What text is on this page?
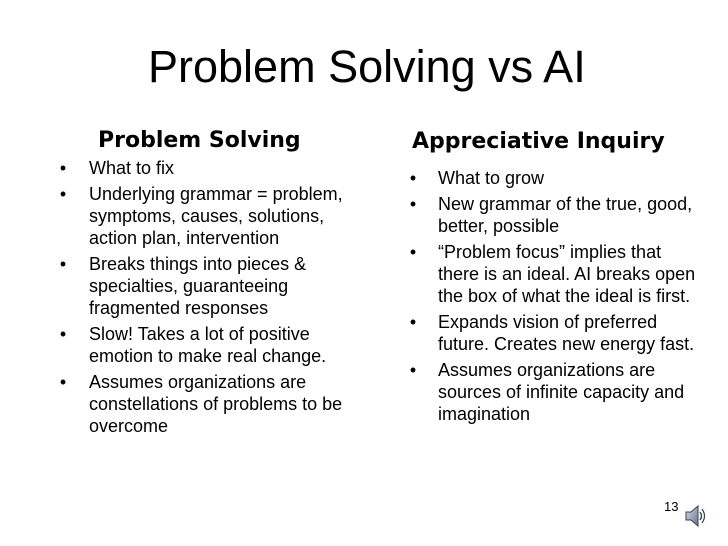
Problem Solving vs AI
Problem Solving	Appreciative Inquiry
• What to fix
• Underlying grammar = problem, symptoms, causes, solutions, action plan, intervention
• Breaks things into pieces & specialties, guaranteeing fragmented responses
• Slow! Takes a lot of positive emotion to make real change.
• Assumes organizations are constellations of problems to be overcome
• What to grow
• New grammar of the true, good, better, possible
• “Problem focus” implies that there is an ideal. AI breaks open the box of what the ideal is first.
• Expands vision of preferred future. Creates new energy fast.
• Assumes organizations are sources of infinite capacity and imagination
13
